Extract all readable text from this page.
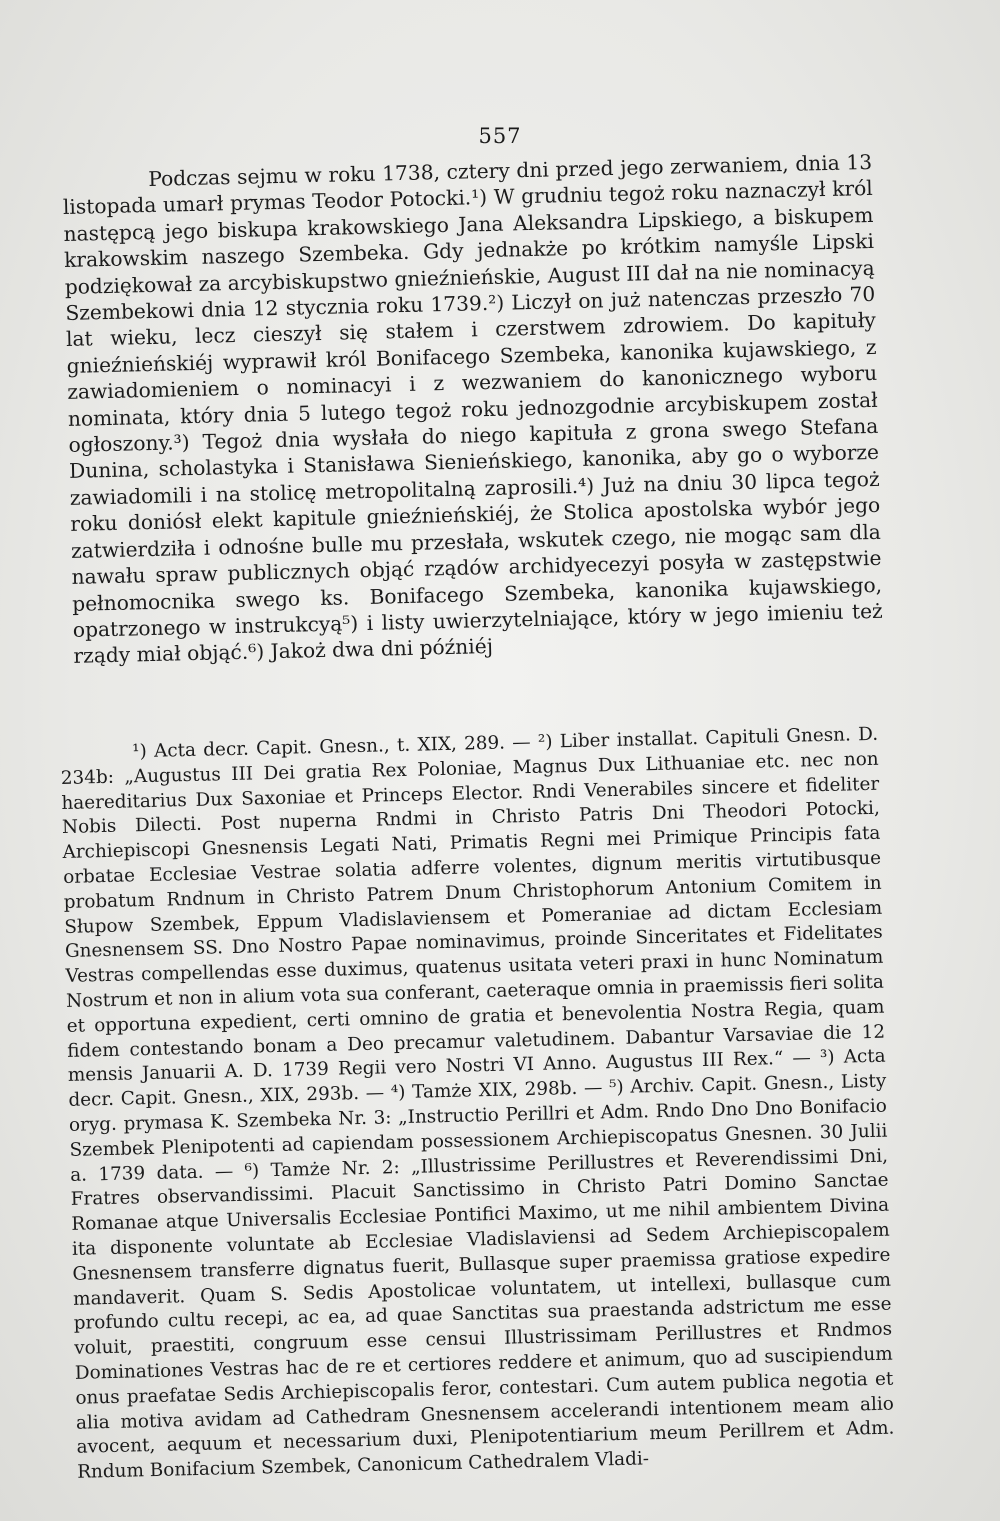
557

Podczas sejmu w roku 1738, cztery dni przed jego zerwaniem, dnia 13 listopada umarł prymas Teodor Potocki.¹) W grudniu tegoż roku naznaczył król następcą jego biskupa krakowskiego Jana Aleksandra Lipskiego, a biskupem krakowskim naszego Szembeka. Gdy jednakże po krótkim namyśle Lipski podziękował za arcybiskupstwo gnieźnieńskie, August III dał na nie nominacyą Szembekowi dnia 12 stycznia roku 1739.²) Liczył on już natenczas przeszło 70 lat wieku, lecz cieszył się stałem i czerstwem zdrowiem. Do kapituły gnieźnieńskiéj wyprawił król Bonifacego Szembeka, kanonika kujawskiego, z zawiadomieniem o nominacyi i z wezwaniem do kanonicznego wyboru nominata, który dnia 5 lutego tegoż roku jednozgodnie arcybiskupem został ogłoszony.³) Tegoż dnia wysłała do niego kapituła z grona swego Stefana Dunina, scholastyka i Stanisława Sienieńskiego, kanonika, aby go o wyborze zawiadomili i na stolicę metropolitalną zaprosili.⁴) Już na dniu 30 lipca tegoż roku doniósł elekt kapitule gnieźnieńskiéj, że Stolica apostolska wybór jego zatwierdziła i odnośne bulle mu przesłała, wskutek czego, nie mogąc sam dla nawału spraw publicznych objąć rządów archidyecezyi posyła w zastępstwie pełnomocnika swego ks. Bonifacego Szembeka, kanonika kujawskiego, opatrzonego w instrukcyą⁵) i listy uwierzytelniające, który w jego imieniu też rządy miał objąć.⁶) Jakoż dwa dni późniéj

¹) Acta decr. Capit. Gnesn., t. XIX, 289. — ²) Liber installat. Capituli Gnesn. D. 234b: „Augustus III Dei gratia Rex Poloniae, Magnus Dux Lithuaniae etc. nec non haereditarius Dux Saxoniae et Princeps Elector. Rndi Venerabiles sincere et fideliter Nobis Dilecti. Post nuperna Rndmi in Christo Patris Dni Theodori Potocki, Archiepiscopi Gnesnensis Legati Nati, Primatis Regni mei Primique Principis fata orbatae Ecclesiae Vestrae solatia adferre volentes, dignum meritis virtutibusque probatum Rndnum in Christo Patrem Dnum Christophorum Antonium Comitem in Słupow Szembek, Eppum Vladislaviensem et Pomeraniae ad dictam Ecclesiam Gnesnensem SS. Dno Nostro Papae nominavimus, proinde Sinceritates et Fidelitates Vestras compellendas esse duximus, quatenus usitata veteri praxi in hunc Nominatum Nostrum et non in alium vota sua conferant, caeteraque omnia in praemissis fieri solita et opportuna expedient, certi omnino de gratia et benevolentia Nostra Regia, quam fidem contestando bonam a Deo precamur valetudinem. Dabantur Varsaviae die 12 mensis Januarii A. D. 1739 Regii vero Nostri VI Anno. Augustus III Rex.“ — ³) Acta decr. Capit. Gnesn., XIX, 293b. — ⁴) Tamże XIX, 298b. — ⁵) Archiv. Capit. Gnesn., Listy oryg. prymasa K. Szembeka Nr. 3: „Instructio Perillri et Adm. Rndo Dno Dno Bonifacio Szembek Plenipotenti ad capiendam possessionem Archiepiscopatus Gnesnen. 30 Julii a. 1739 data. — ⁶) Tamże Nr. 2: „Illustrissime Perillustres et Reverendissimi Dni, Fratres observandissimi. Placuit Sanctissimo in Christo Patri Domino Sanctae Romanae atque Universalis Ecclesiae Pontifici Maximo, ut me nihil ambientem Divina ita disponente voluntate ab Ecclesiae Vladislaviensi ad Sedem Archiepiscopalem Gnesnensem transferre dignatus fuerit, Bullasque super praemissa gratiose expedire mandaverit. Quam S. Sedis Apostolicae voluntatem, ut intellexi, bullasque cum profundo cultu recepi, ac ea, ad quae Sanctitas sua praestanda adstrictum me esse voluit, praestiti, congruum esse censui Illustrissimam Perillustres et Rndmos Dominationes Vestras hac de re et certiores reddere et animum, quo ad suscipiendum onus praefatae Sedis Archiepiscopalis feror, contestari. Cum autem publica negotia et alia motiva avidam ad Cathedram Gnesnensem accelerandi intentionem meam alio avocent, aequum et necessarium duxi, Plenipotentiarium meum Perillrem et Adm. Rndum Bonifacium Szembek, Canonicum Cathedralem Vladi-
